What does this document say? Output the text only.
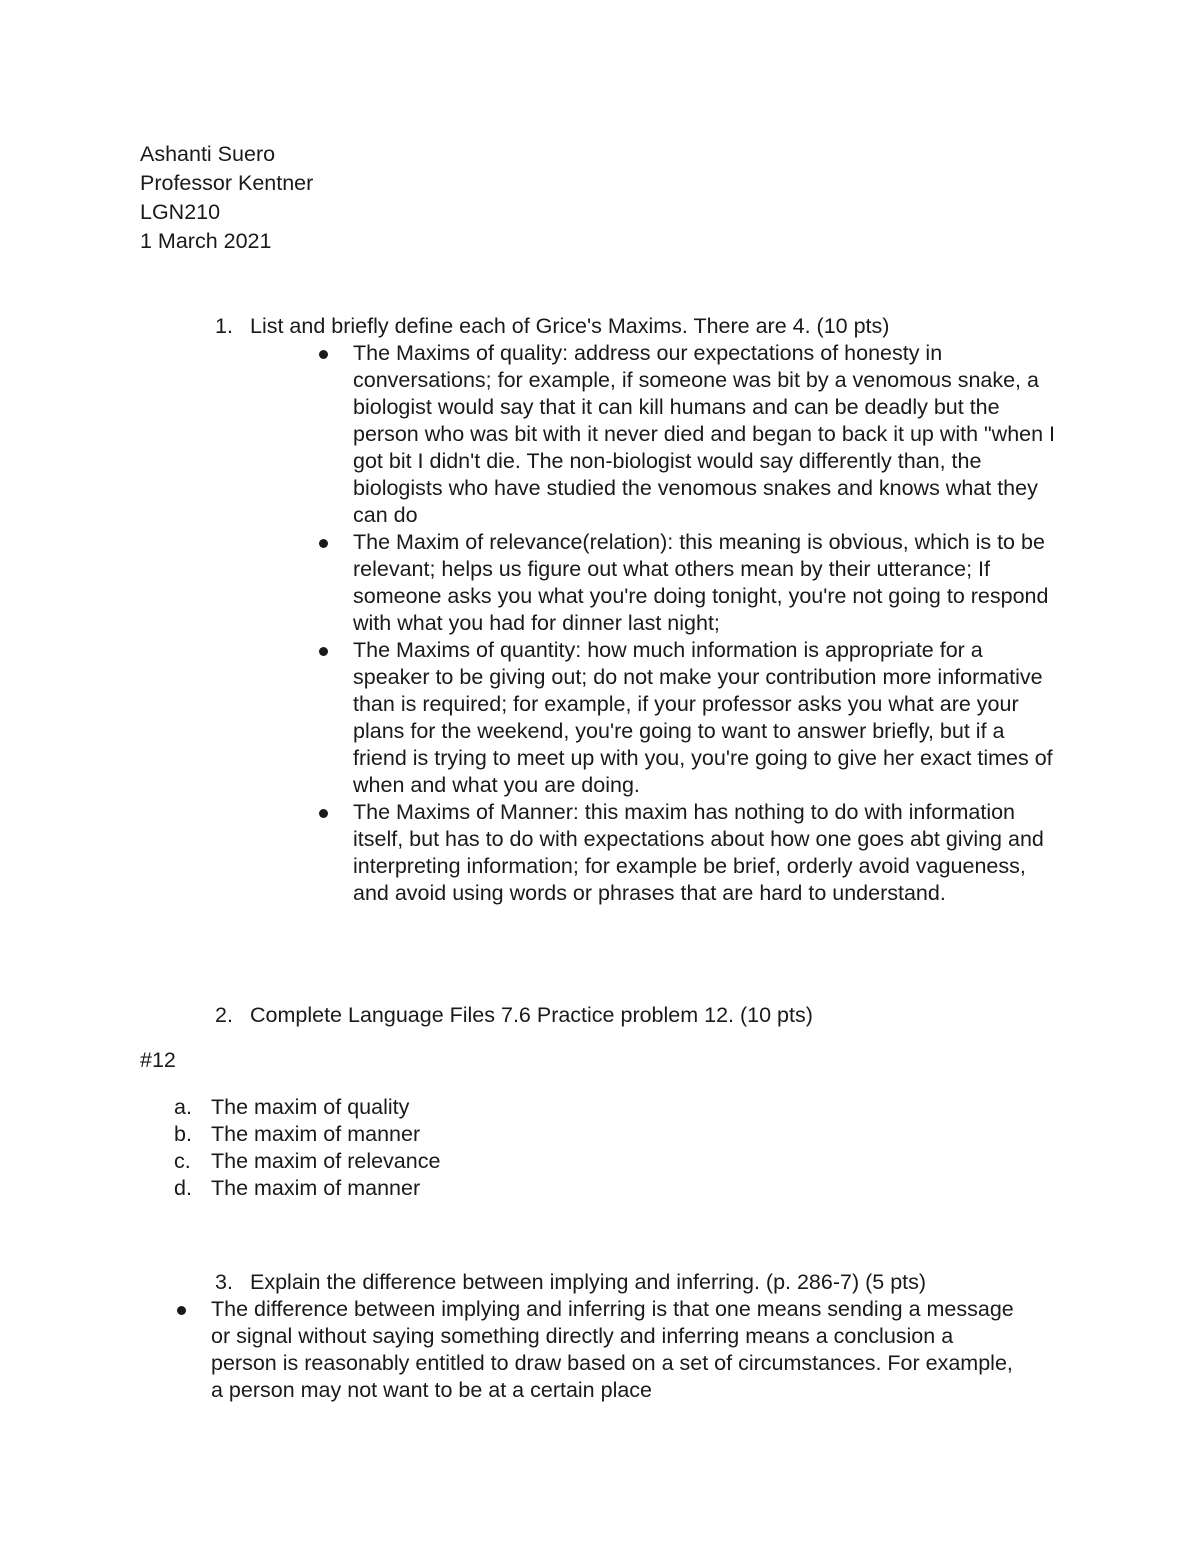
Ashanti Suero
Professor Kentner
LGN210
1 March 2021
1. List and briefly define each of Grice's Maxims. There are 4. (10 pts)
The Maxims of quality: address our expectations of honesty in conversations; for example, if someone was bit by a venomous snake, a biologist would say that it can kill humans and can be deadly but the person who was bit with it never died and began to back it up with "when I got bit I didn't die. The non-biologist would say differently than, the biologists who have studied the venomous snakes and knows what they can do
The Maxim of relevance(relation): this meaning is obvious, which is to be relevant; helps us figure out what others mean by their utterance; If someone asks you what you're doing tonight, you're not going to respond with what you had for dinner last night;
The Maxims of quantity: how much information is appropriate for a speaker to be giving out; do not make your contribution more informative than is required; for example, if your professor asks you what are your plans for the weekend, you're going to want to answer briefly, but if a friend is trying to meet up with you, you're going to give her exact times of when and what you are doing.
The Maxims of Manner: this maxim has nothing to do with information itself, but has to do with expectations about how one goes abt giving and interpreting information; for example be brief, orderly avoid vagueness, and avoid using words or phrases that are hard to understand.
2. Complete Language Files 7.6 Practice problem 12. (10 pts)
#12
a. The maxim of quality
b. The maxim of manner
c. The maxim of relevance
d. The maxim of manner
3. Explain the difference between implying and inferring. (p. 286-7) (5 pts)
The difference between implying and inferring is that one means sending a message or signal without saying something directly and inferring means a conclusion a person is reasonably entitled to draw based on a set of circumstances. For example, a person may not want to be at a certain place
